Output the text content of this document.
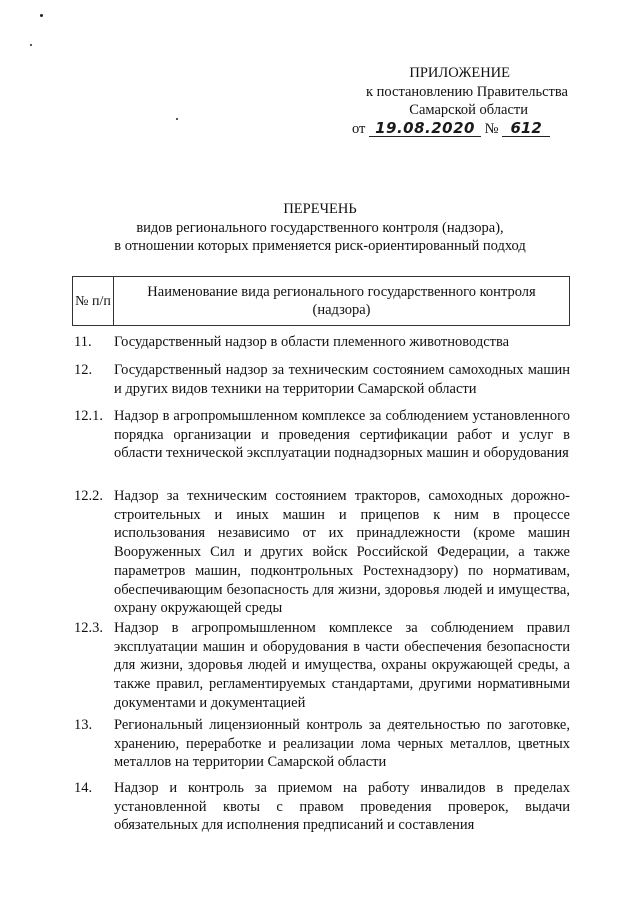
ПРИЛОЖЕНИЕ
к постановлению Правительства
Самарской области
от 19.08.2020 № 612
ПЕРЕЧЕНЬ
видов регионального государственного контроля (надзора),
в отношении которых применяется риск-ориентированный подход
№ п/п
Наименование вида регионального государственного контроля (надзора)
11.	Государственный надзор в области племенного животноводства
12.	Государственный надзор за техническим состоянием самоходных машин и других видов техники на территории Самарской области
12.1. Надзор в агропромышленном комплексе за соблюдением установленного порядка организации и проведения сертификации работ и услуг в области технической эксплуатации поднадзорных машин и оборудования
12.2. Надзор за техническим состоянием тракторов, самоходных дорожно-строительных и иных машин и прицепов к ним в процессе использования независимо от их принадлежности (кроме машин Вооруженных Сил и других войск Российской Федерации, а также параметров машин, подконтрольных Ростехнадзору) по нормативам, обеспечивающим безопасность для жизни, здоровья людей и имущества, охрану окружающей среды
12.3. Надзор в агропромышленном комплексе за соблюдением правил эксплуатации машин и оборудования в части обеспечения безопасности для жизни, здоровья людей и имущества, охраны окружающей среды, а также правил, регламентируемых стандартами, другими нормативными документами и документацией
13.	Региональный лицензионный контроль за деятельностью по заготовке, хранению, переработке и реализации лома черных металлов, цветных металлов на территории Самарской области
14.	Надзор и контроль за приемом на работу инвалидов в пределах установленной квоты с правом проведения проверок, выдачи обязательных для исполнения предписаний и составления
